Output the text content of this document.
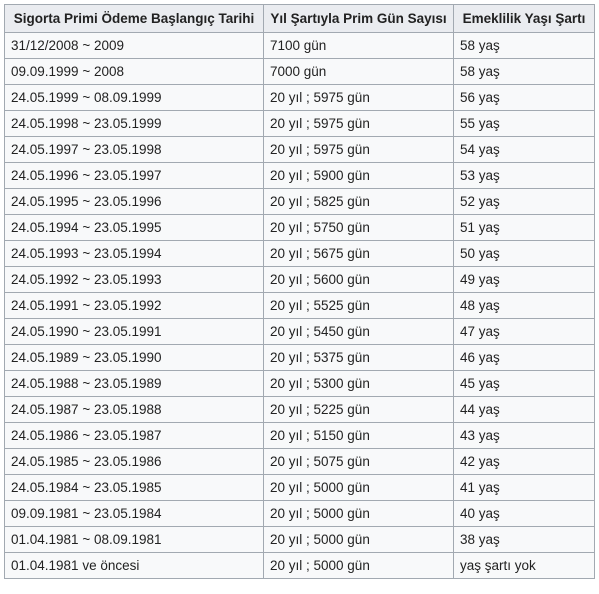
Sigorta Primi Ödeme Başlangıç Tarihi	Yıl Şartıyla Prim Gün Sayısı	Emeklilik Yaşı Şartı
31/12/2008 ~ 2009	7100 gün	58 yaş
09.09.1999 ~ 2008	7000 gün	58 yaş
24.05.1999 ~ 08.09.1999	20 yıl ; 5975 gün	56 yaş
24.05.1998 ~ 23.05.1999	20 yıl ; 5975 gün	55 yaş
24.05.1997 ~ 23.05.1998	20 yıl ; 5975 gün	54 yaş
24.05.1996 ~ 23.05.1997	20 yıl ; 5900 gün	53 yaş
24.05.1995 ~ 23.05.1996	20 yıl ; 5825 gün	52 yaş
24.05.1994 ~ 23.05.1995	20 yıl ; 5750 gün	51 yaş
24.05.1993 ~ 23.05.1994	20 yıl ; 5675 gün	50 yaş
24.05.1992 ~ 23.05.1993	20 yıl ; 5600 gün	49 yaş
24.05.1991 ~ 23.05.1992	20 yıl ; 5525 gün	48 yaş
24.05.1990 ~ 23.05.1991	20 yıl ; 5450 gün	47 yaş
24.05.1989 ~ 23.05.1990	20 yıl ; 5375 gün	46 yaş
24.05.1988 ~ 23.05.1989	20 yıl ; 5300 gün	45 yaş
24.05.1987 ~ 23.05.1988	20 yıl ; 5225 gün	44 yaş
24.05.1986 ~ 23.05.1987	20 yıl ; 5150 gün	43 yaş
24.05.1985 ~ 23.05.1986	20 yıl ; 5075 gün	42 yaş
24.05.1984 ~ 23.05.1985	20 yıl ; 5000 gün	41 yaş
09.09.1981 ~ 23.05.1984	20 yıl ; 5000 gün	40 yaş
01.04.1981 ~ 08.09.1981	20 yıl ; 5000 gün	38 yaş
01.04.1981 ve öncesi	20 yıl ; 5000 gün	yaş şartı yok
